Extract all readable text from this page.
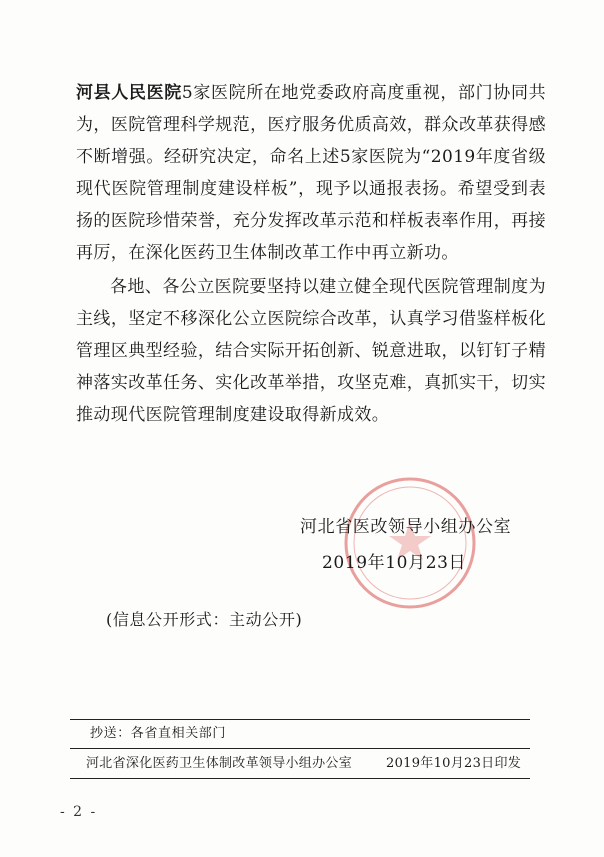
河县人民医院5家医院所在地党委政府高度重视，部门协同共为，医院管理科学规范，医疗服务优质高效，群众改革获得感不断增强。经研究决定，命名上述5家医院为“2019年度省级现代医院管理制度建设样板”，现予以通报表扬。希望受到表扬的医院珍惜荣誉，充分发挥改革示范和样板表率作用，再接再厉，在深化医药卫生体制改革工作中再立新功。

各地、各公立医院要坚持以建立健全现代医院管理制度为主线，坚定不移深化公立医院综合改革，认真学习借鉴样板化管理区典型经验，结合实际开拓创新、锐意进取，以钉钉子精神落实改革任务、实化改革举措，攻坚克难，真抓实干，切实推动现代医院管理制度建设取得新成效。

河北省医改领导小组办公室
2019年10月23日
(信息公开形式：主动公开)
抄送：各省直相关部门
河北省深化医药卫生体制改革领导小组办公室	2019年10月23日印发
- 2 -
